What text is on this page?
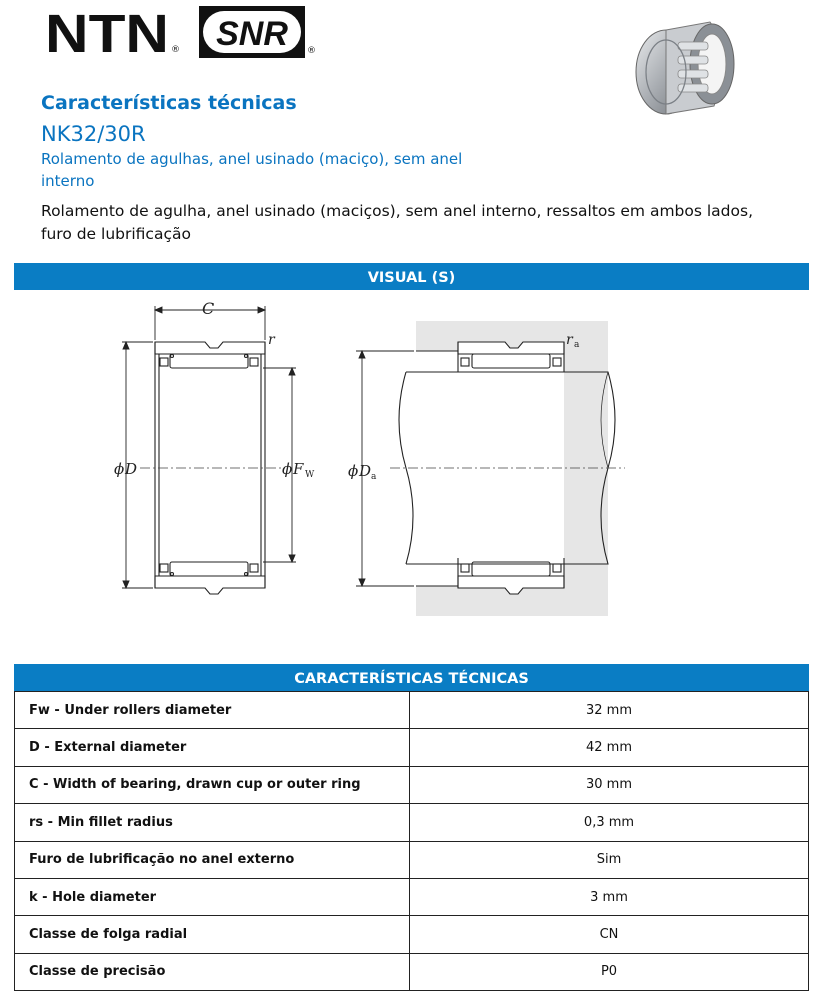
NTN ® SNR ®
Características técnicas
NK32/30R
Rolamento de agulhas, anel usinado (maciço), sem anel interno
Rolamento de agulha, anel usinado (maciços), sem anel interno, ressaltos em ambos lados, furo de lubrificação
VISUAL (S)
C
r
ϕ D	ϕ F W ϕ D a
r a
CARACTERÍSTICAS TÉCNICAS
Fw - Under rollers diameter	32 mm
D - External diameter	42 mm
C - Width of bearing, drawn cup or outer ring	30 mm
rs - Min fillet radius	0,3 mm
Furo de lubrificação no anel externo	Sim
k - Hole diameter	3 mm
Classe de folga radial	CN
Classe de precisão	P0
